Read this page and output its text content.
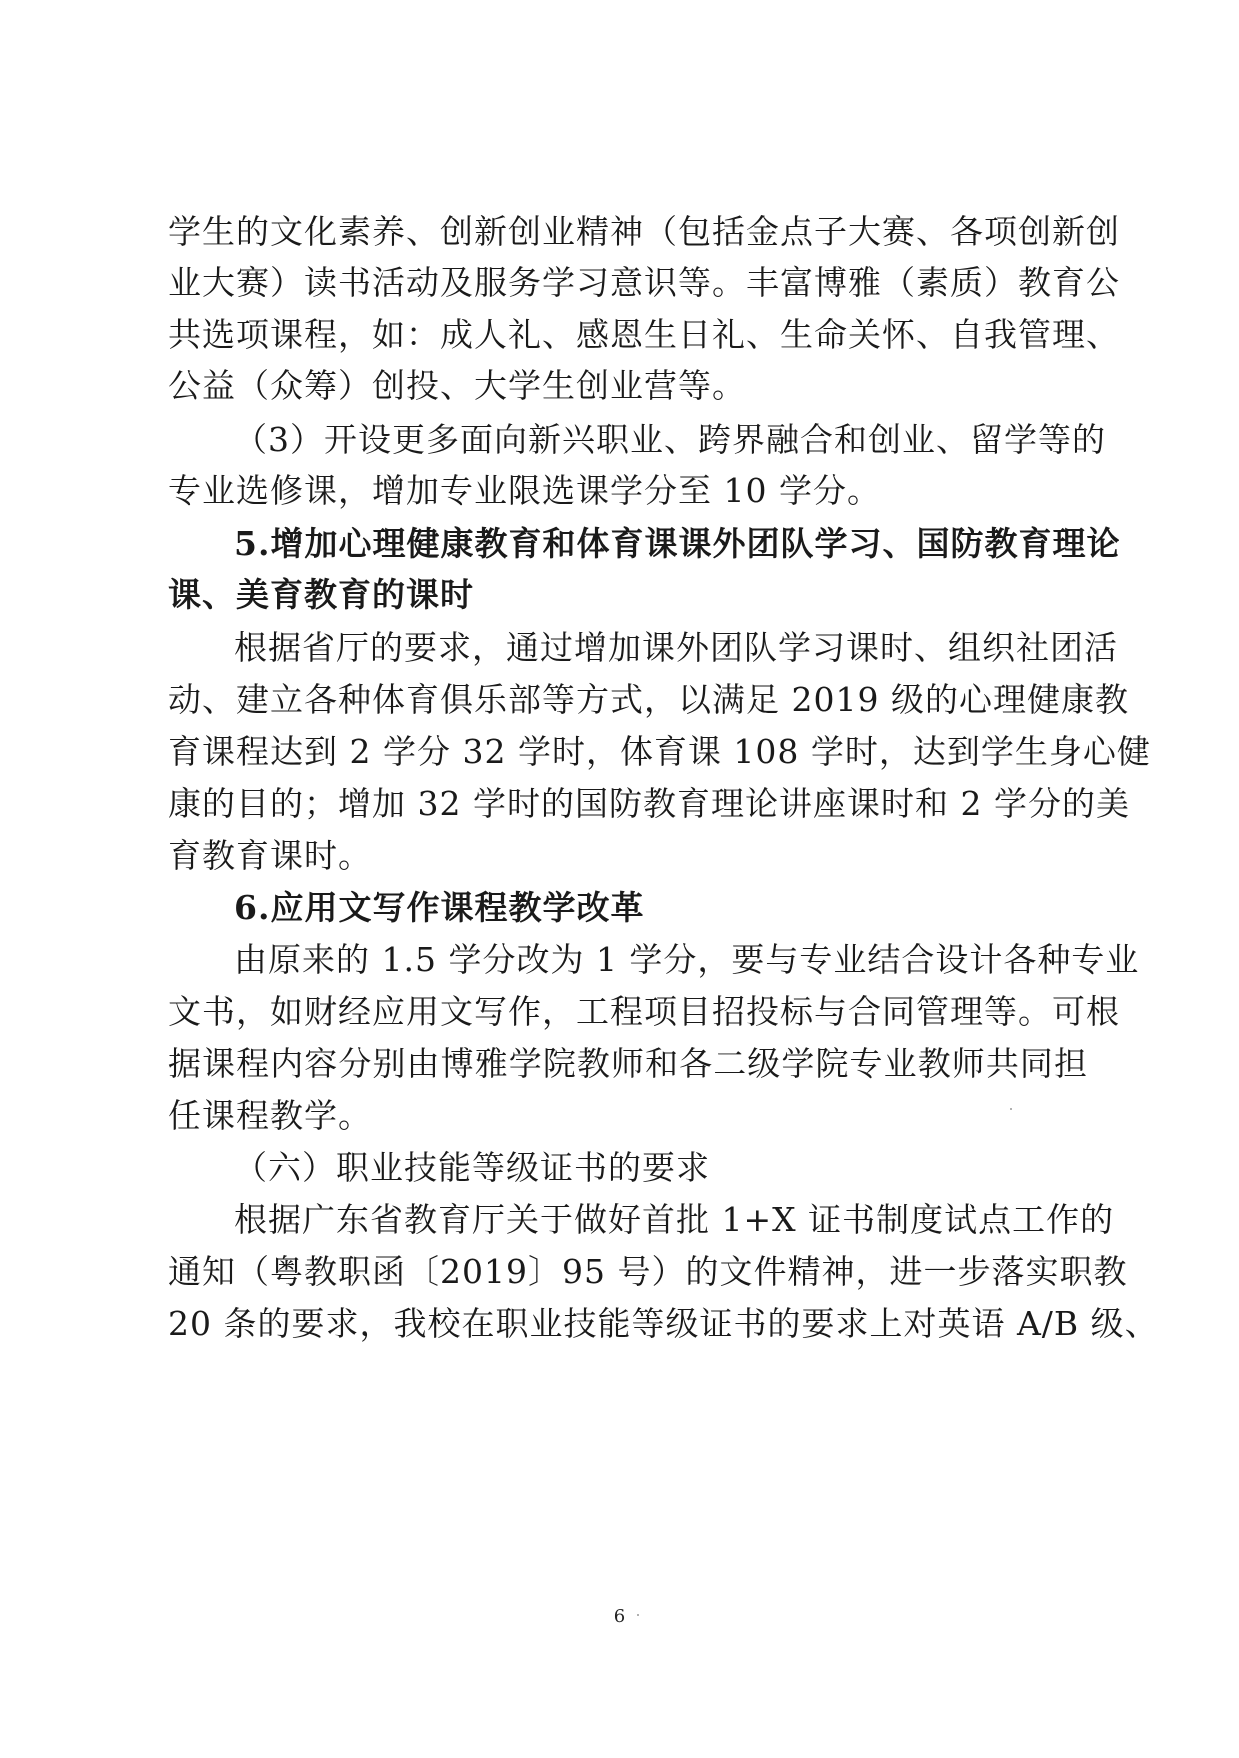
学生的文化素养、创新创业精神（包括金点子大赛、各项创新创
业大赛）读书活动及服务学习意识等。丰富博雅（素质）教育公
共选项课程，如：成人礼、感恩生日礼、生命关怀、自我管理、
公益（众筹）创投、大学生创业营等。
（3）开设更多面向新兴职业、跨界融合和创业、留学等的
专业选修课，增加专业限选课学分至 10 学分。
5.增加心理健康教育和体育课课外团队学习、国防教育理论
课、美育教育的课时
根据省厅的要求，通过增加课外团队学习课时、组织社团活
动、建立各种体育俱乐部等方式，以满足 2019 级的心理健康教
育课程达到 2 学分 32 学时，体育课 108 学时，达到学生身心健
康的目的；增加 32 学时的国防教育理论讲座课时和 2 学分的美
育教育课时。
6.应用文写作课程教学改革
由原来的 1.5 学分改为 1 学分，要与专业结合设计各种专业
文书，如财经应用文写作，工程项目招投标与合同管理等。可根
据课程内容分别由博雅学院教师和各二级学院专业教师共同担
任课程教学。
（六）职业技能等级证书的要求
根据广东省教育厅关于做好首批 1+X 证书制度试点工作的
通知（粤教职函〔2019〕95 号）的文件精神，进一步落实职教
20 条的要求，我校在职业技能等级证书的要求上对英语 A/B 级、
6
